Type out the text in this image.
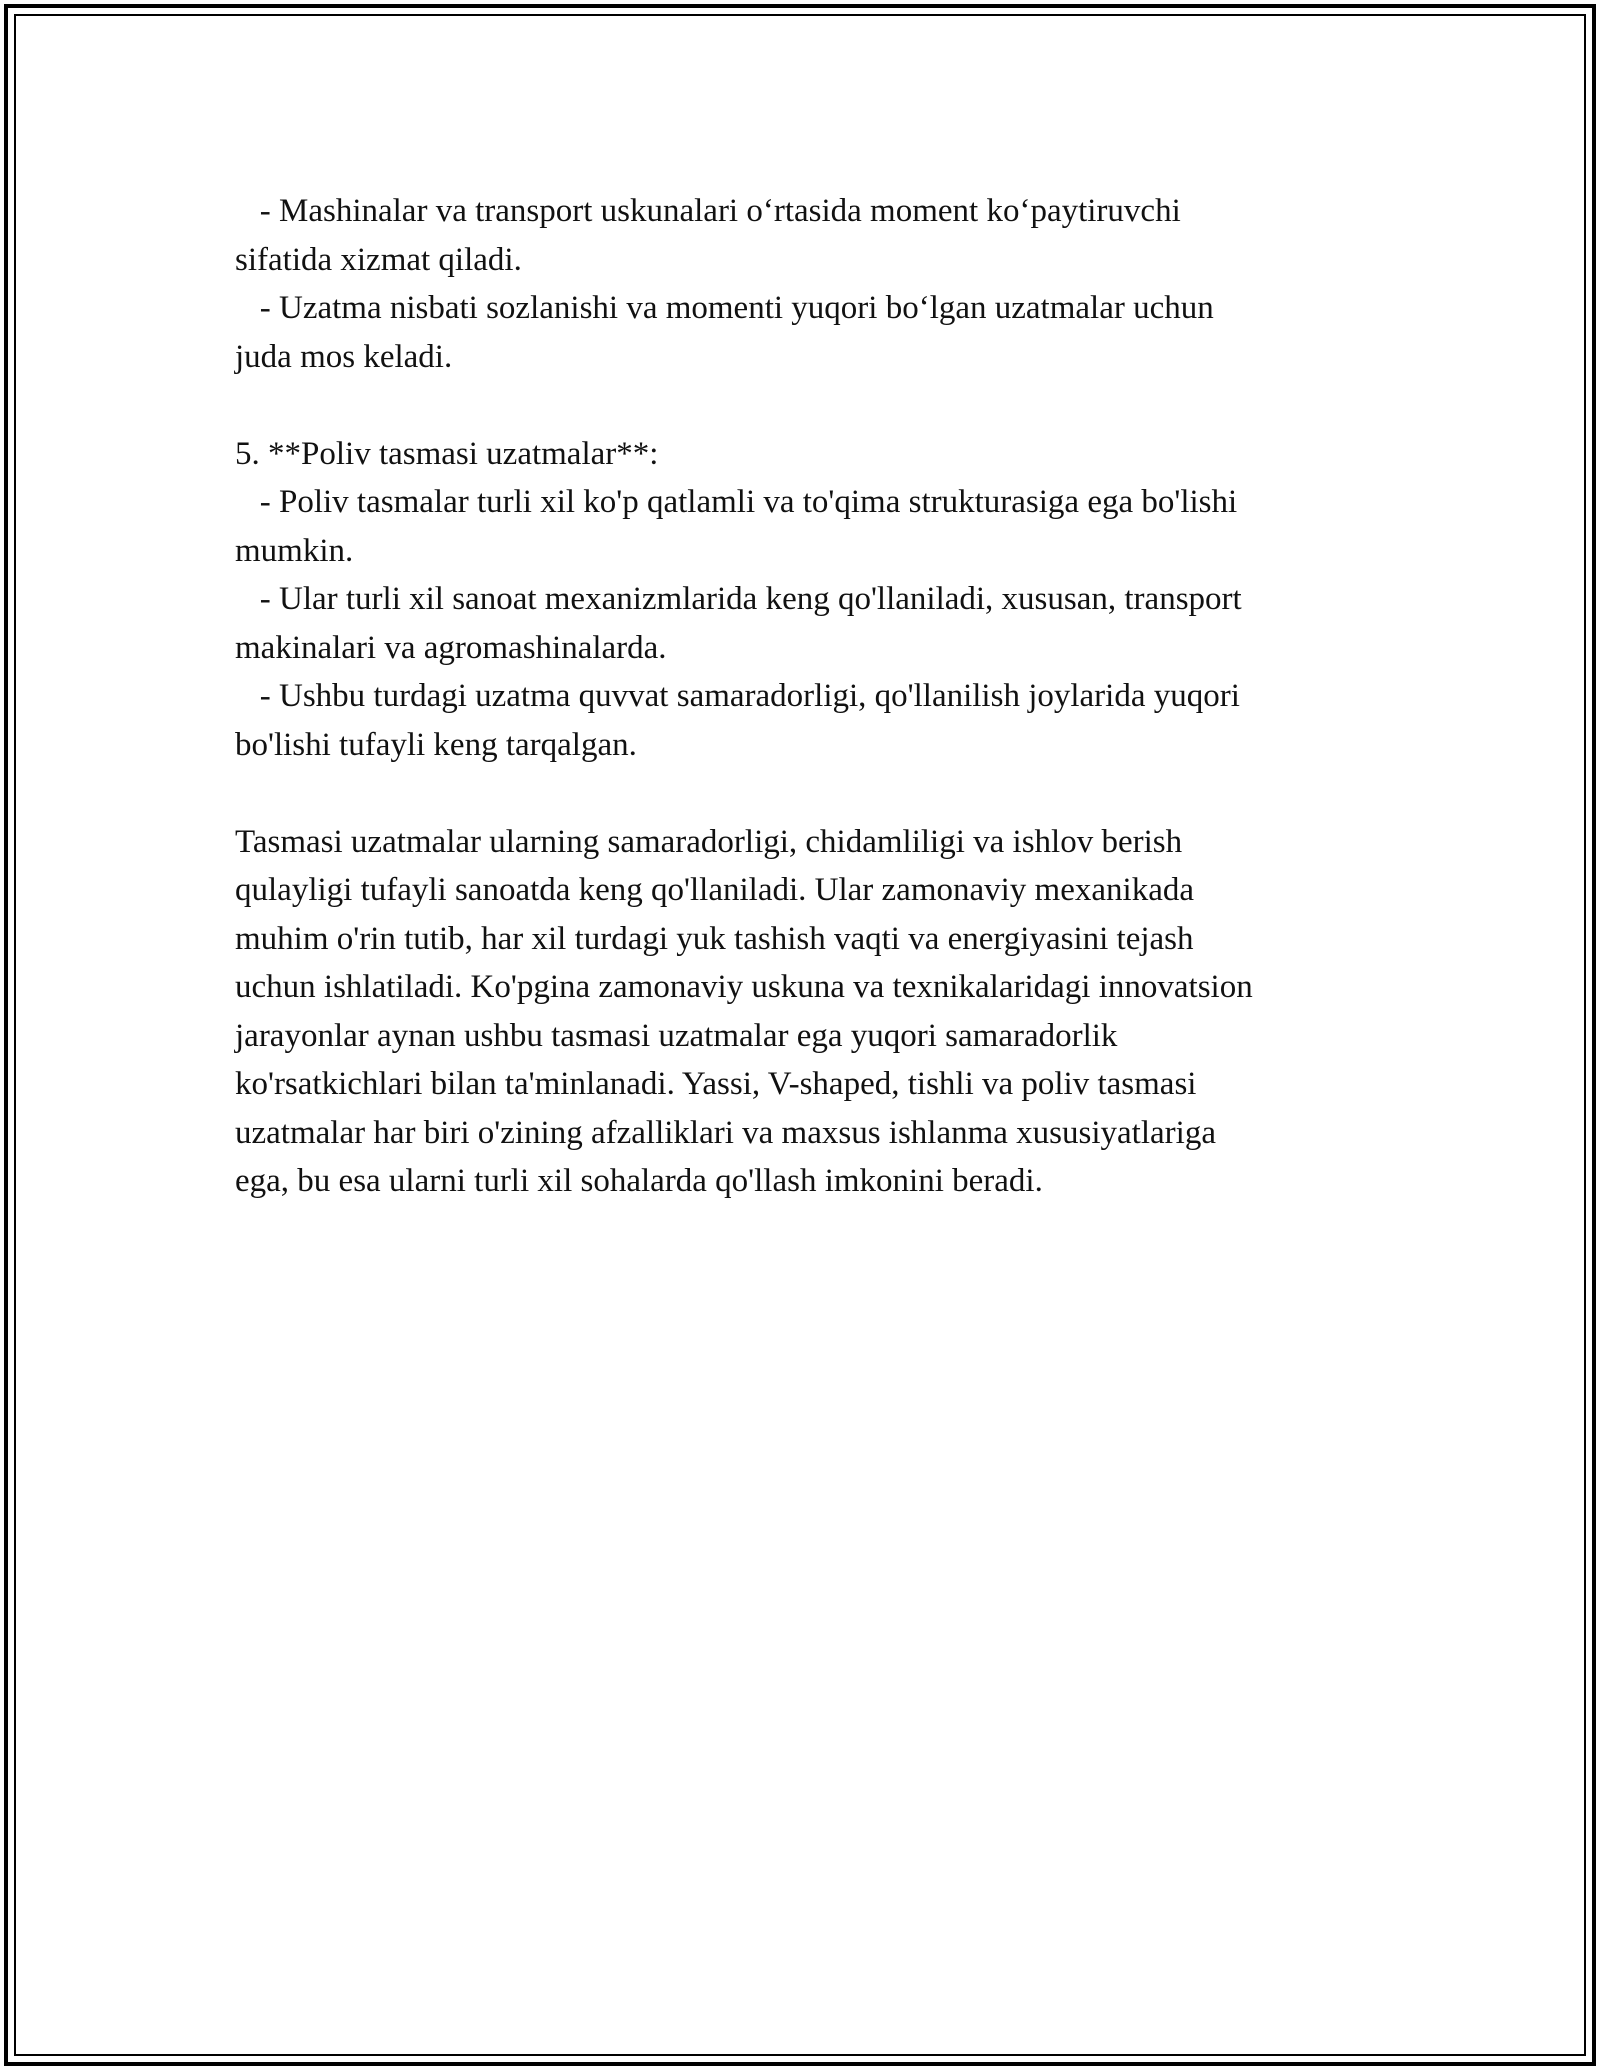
- Mashinalar va transport uskunalari o‘rtasida moment ko‘paytiruvchi
sifatida xizmat qiladi.
- Uzatma nisbati sozlanishi va momenti yuqori bo‘lgan uzatmalar uchun
juda mos keladi.
5. **Poliv tasmasi uzatmalar**:
- Poliv tasmalar turli xil ko'p qatlamli va to'qima strukturasiga ega bo'lishi
mumkin.
- Ular turli xil sanoat mexanizmlarida keng qo'llaniladi, xususan, transport
makinalari va agromashinalarda.
- Ushbu turdagi uzatma quvvat samaradorligi, qo'llanilish joylarida yuqori
bo'lishi tufayli keng tarqalgan.
Tasmasi uzatmalar ularning samaradorligi, chidamliligi va ishlov berish
qulayligi tufayli sanoatda keng qo'llaniladi. Ular zamonaviy mexanikada
muhim o'rin tutib, har xil turdagi yuk tashish vaqti va energiyasini tejash
uchun ishlatiladi. Ko'pgina zamonaviy uskuna va texnikalaridagi innovatsion
jarayonlar aynan ushbu tasmasi uzatmalar ega yuqori samaradorlik
ko'rsatkichlari bilan ta'minlanadi. Yassi, V-shaped, tishli va poliv tasmasi
uzatmalar har biri o'zining afzalliklari va maxsus ishlanma xususiyatlariga
ega, bu esa ularni turli xil sohalarda qo'llash imkonini beradi.
